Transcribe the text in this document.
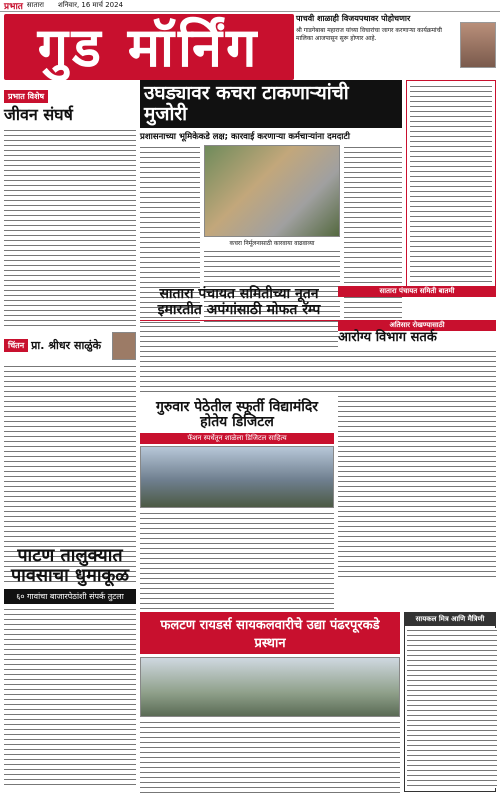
प्रभात सातारा शनिवार, 16 मार्च 2024
गुड मॉर्निंग	पाचवी शाळाही विजयपथावर पोहोचणार
श्री गाडगेबाबा महाराज यांच्या विचारांचा जागर करणाऱ्या कार्यक्रमांची मालिका आजपासून सुरू होणार आहे.
प्रभात विशेष
जीवन संघर्ष
चिंतन प्रा. श्रीधर साळुंके
उघड्यावर कचरा टाकणाऱ्यांची मुजोरी
प्रशासनाच्या भूमिकेकडे लक्ष; कारवाई करणाऱ्या कर्मचाऱ्यांना दमदाटी
कचरा निर्मूलनासाठी कारवाया वाढवाव्या
सातारा पंचायत समितीच्या नूतन इमारतीत अपंगांसाठी मोफत रॅम्प
सातारा पंचायत समिती बातमी
अतिसार रोखण्यासाठी
आरोग्य विभाग सतर्क
गुरुवार पेठेतील स्फूर्ती विद्यामंदिर होतेय डिजिटल
फॅशन स्पर्धेतून शाळेला डिजिटल साहित्य
पाटण तालुक्यात पावसाचा धुमाकूळ
६० गावांचा बाजारपेठांशी संपर्क तुटला
फलटण रायडर्स सायकलवारीचे उद्या पंढरपूरकडे प्रस्थान
सायकल मित्र आणि मैत्रिणी
